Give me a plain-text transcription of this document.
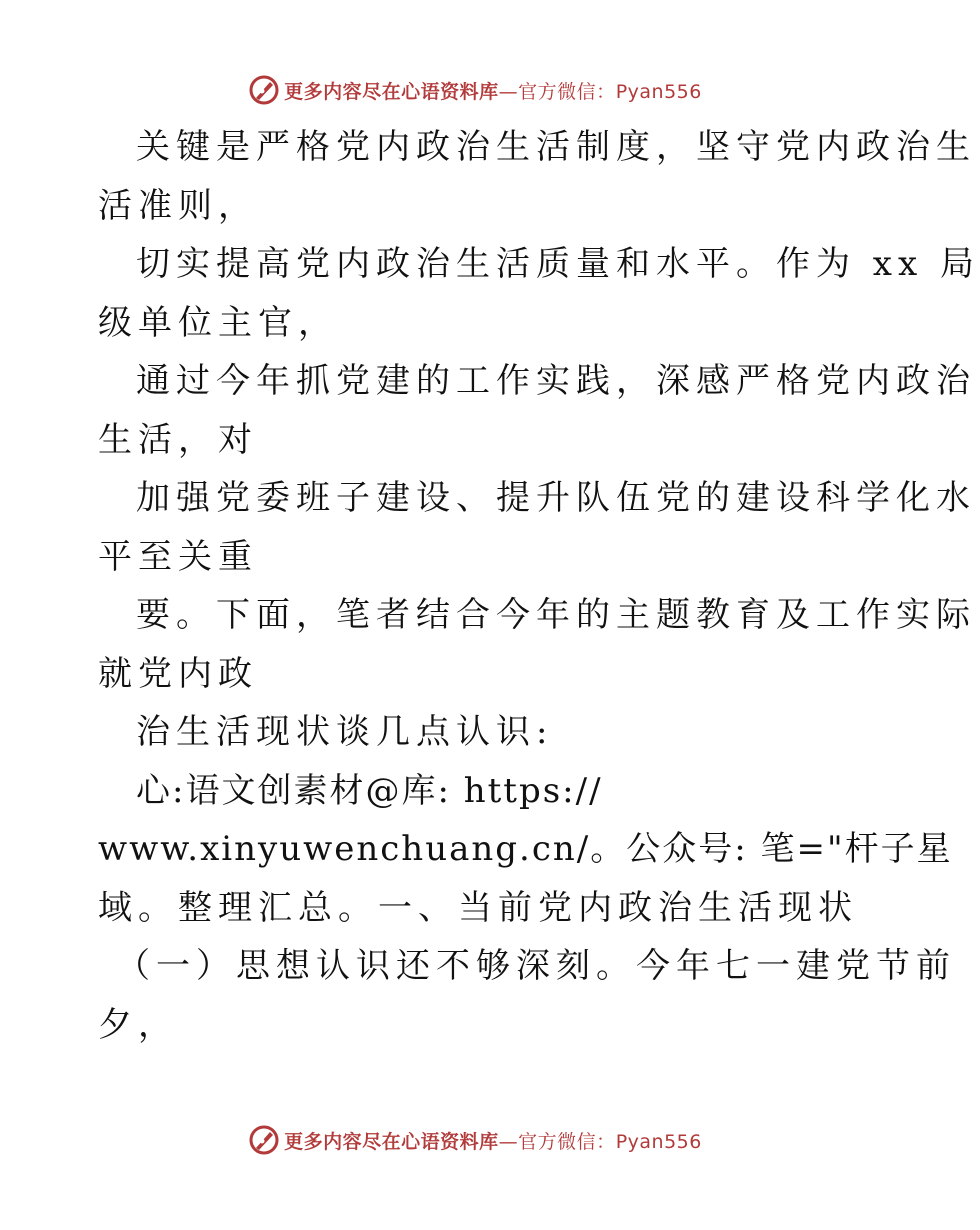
更多内容尽在心语资料库—官方微信：Pyan556
关键是严格党内政治生活制度，坚守党内政治生
活准则，
切实提高党内政治生活质量和水平。作为 xx 局
级单位主官，
通过今年抓党建的工作实践，深感严格党内政治
生活，对
加强党委班子建设、提升队伍党的建设科学化水
平至关重
要。下面，笔者结合今年的主题教育及工作实际
就党内政
治生活现状谈几点认识:
心:语文创素材@库: https://
www.xinyuwenchuang.cn/。公众号: 笔="杆子星
域。整理汇总。一、当前党内政治生活现状
（一）思想认识还不够深刻。今年七一建党节前
夕，
更多内容尽在心语资料库—官方微信：Pyan556
